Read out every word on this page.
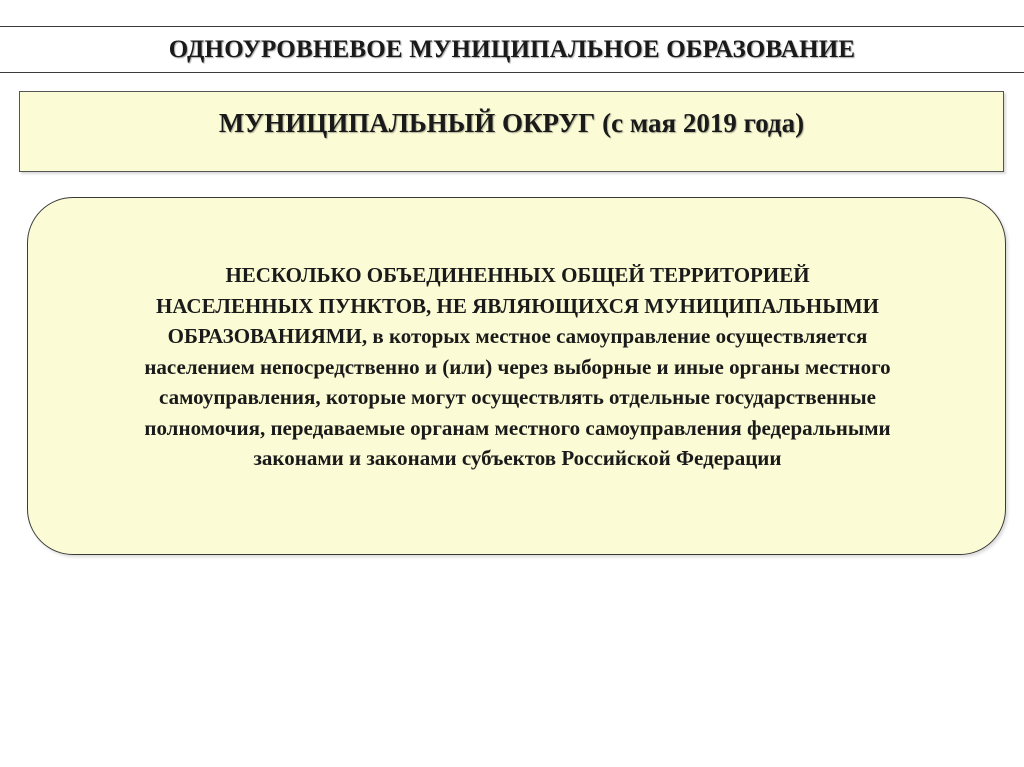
ОДНОУРОВНЕВОЕ МУНИЦИПАЛЬНОЕ ОБРАЗОВАНИЕ
МУНИЦИПАЛЬНЫЙ ОКРУГ (с мая 2019 года)
НЕСКОЛЬКО ОБЪЕДИНЕННЫХ ОБЩЕЙ ТЕРРИТОРИЕЙ
НАСЕЛЕННЫХ ПУНКТОВ, НЕ ЯВЛЯЮЩИХСЯ МУНИЦИПАЛЬНЫМИ
ОБРАЗОВАНИЯМИ, в которых местное самоуправление осуществляется
населением непосредственно и (или) через выборные и иные органы местного
самоуправления, которые могут осуществлять отдельные государственные
полномочия, передаваемые органам местного самоуправления федеральными
законами и законами субъектов Российской Федерации
